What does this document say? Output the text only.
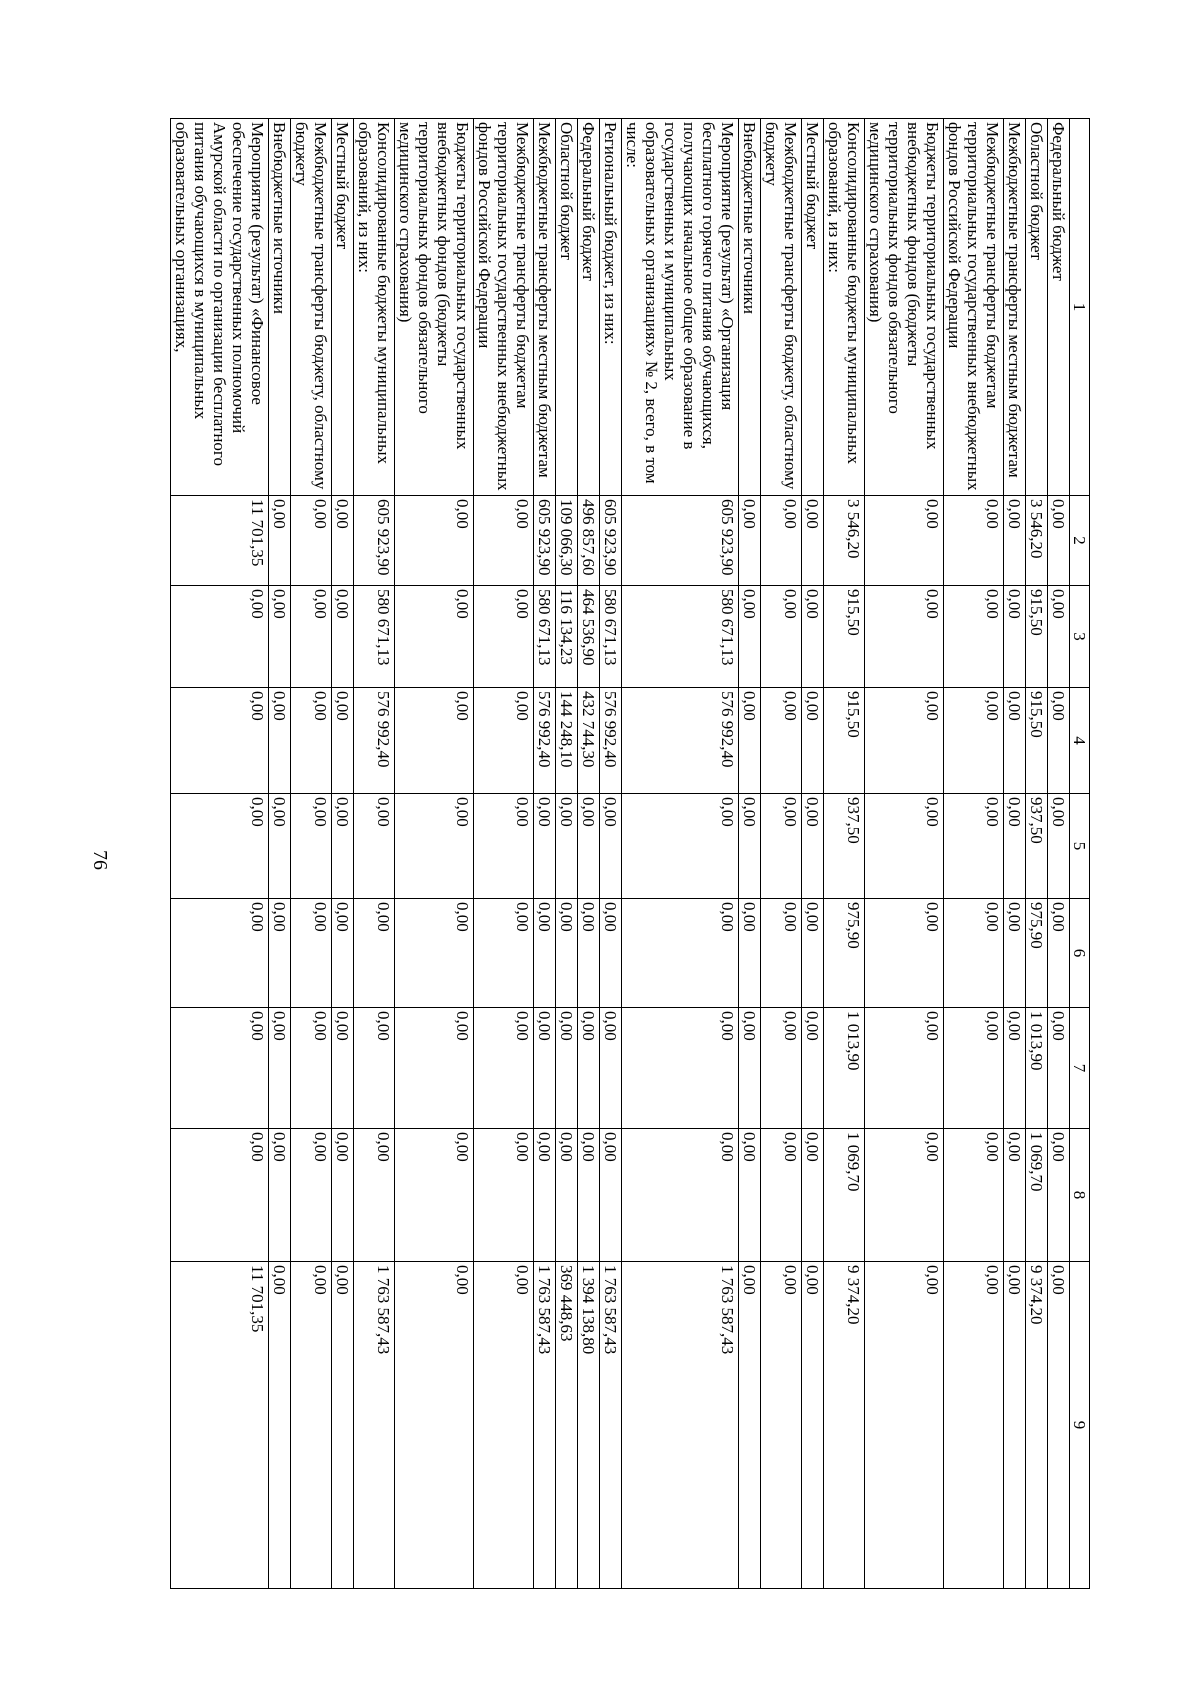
76
1	2	3	4	5	6	7	8	9
Федеральный бюджет	0,00	0,00	0,00	0,00	0,00	0,00	0,00	0,00
Областной бюджет	3 546,20	915,50	915,50	937,50	975,90	1 013,90	1 069,70	9 374,20
Межбюджетные трансферты местным бюджетам	0,00	0,00	0,00	0,00	0,00	0,00	0,00	0,00
Межбюджетные трансферты бюджетам территориальных государственных внебюджетных фондов Российской Федерации	0,00	0,00	0,00	0,00	0,00	0,00	0,00	0,00
Бюджеты территориальных государственных внебюджетных фондов (бюджеты территориальных фондов обязательного медицинского страхования)	0,00	0,00	0,00	0,00	0,00	0,00	0,00	0,00
Консолидированные бюджеты муниципальных образований, из них:	3 546,20	915,50	915,50	937,50	975,90	1 013,90	1 069,70	9 374,20
Местный бюджет	0,00	0,00	0,00	0,00	0,00	0,00	0,00	0,00
Межбюджетные трансферты бюджету, областному бюджету	0,00	0,00	0,00	0,00	0,00	0,00	0,00	0,00
Внебюджетные источники	0,00	0,00	0,00	0,00	0,00	0,00	0,00	0,00
Мероприятие (результат) «Организация бесплатного горячего питания обучающихся, получающих начальное общее образование в государственных и муниципальных образовательных организациях» № 2, всего, в том числе:	605 923,90	580 671,13	576 992,40	0,00	0,00	0,00	0,00	1 763 587,43
Региональный бюджет, из них:	605 923,90	580 671,13	576 992,40	0,00	0,00	0,00	0,00	1 763 587,43
Федеральный бюджет	496 857,60	464 536,90	432 744,30	0,00	0,00	0,00	0,00	1 394 138,80
Областной бюджет	109 066,30	116 134,23	144 248,10	0,00	0,00	0,00	0,00	369 448,63
Межбюджетные трансферты местным бюджетам	605 923,90	580 671,13	576 992,40	0,00	0,00	0,00	0,00	1 763 587,43
Межбюджетные трансферты бюджетам территориальных государственных внебюджетных фондов Российской Федерации	0,00	0,00	0,00	0,00	0,00	0,00	0,00	0,00
Бюджеты территориальных государственных внебюджетных фондов (бюджеты территориальных фондов обязательного медицинского страхования)	0,00	0,00	0,00	0,00	0,00	0,00	0,00	0,00
Консолидированные бюджеты муниципальных образований, из них:	605 923,90	580 671,13	576 992,40	0,00	0,00	0,00	0,00	1 763 587,43
Местный бюджет	0,00	0,00	0,00	0,00	0,00	0,00	0,00	0,00
Межбюджетные трансферты бюджету, областному бюджету	0,00	0,00	0,00	0,00	0,00	0,00	0,00	0,00
Внебюджетные источники	0,00	0,00	0,00	0,00	0,00	0,00	0,00	0,00
Мероприятие (результат) «Финансовое обеспечение государственных полномочий Амурской области по организации бесплатного питания обучающихся в муниципальных образовательных организациях,	11 701,35	0,00	0,00	0,00	0,00	0,00	0,00	11 701,35
